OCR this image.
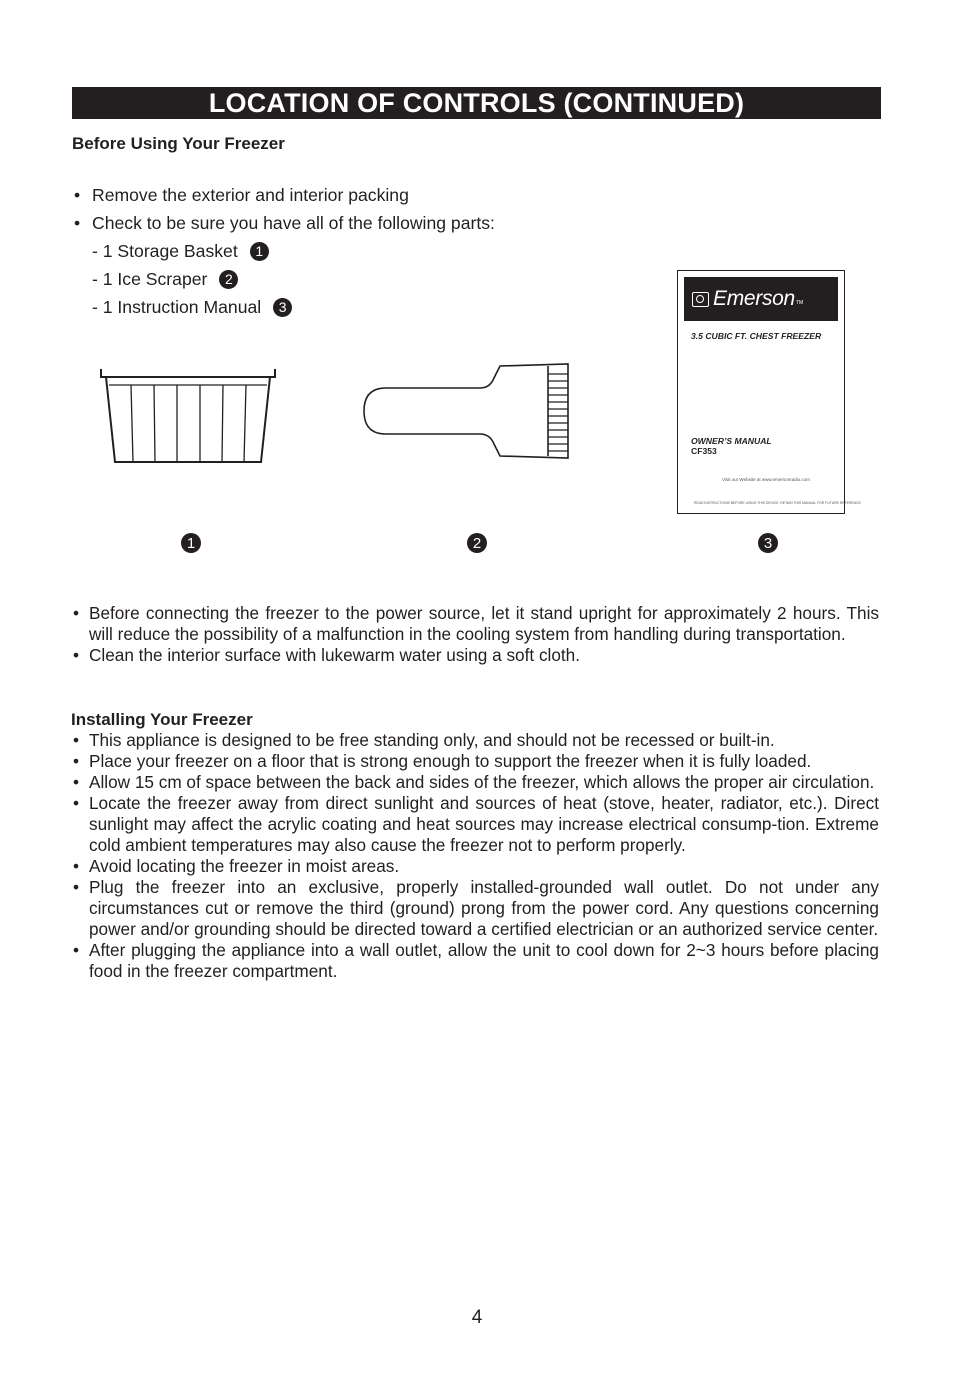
LOCATION OF CONTROLS (CONTINUED)
Before Using Your Freezer
• Remove the exterior and interior packing
• Check to be sure you have all of the following parts:
- 1 Storage Basket	1
- 1 Ice Scraper	2
- 1 Instruction Manual	3	Emerson TM
3.5 CUBIC FT. CHEST FREEZER
OWNER’S MANUAL
CF353
Visit our Website at www.emersonradio.com
READ INSTRUCTIONS BEFORE USING THIS DEVICE. RETAIN THIS MANUAL FOR FUTURE REFERENCE.
1	2	3
• Before connecting the freezer to the power source, let it stand upright for approximately 2 hours. This will reduce the possibility of a malfunction in the cooling system from handling during transportation.
• Clean the interior surface with lukewarm water using a soft cloth.
Installing Your Freezer
• This appliance is designed to be free standing only, and should not be recessed or built-in.
• Place your freezer on a floor that is strong enough to support the freezer when it is fully loaded.
• Allow 15 cm of space between the back and sides of the freezer, which allows the proper air circulation.
• Locate the freezer away from direct sunlight and sources of heat (stove, heater, radiator, etc.). Direct sunlight may affect the acrylic coating and heat sources may increase electrical consump-tion. Extreme cold ambient temperatures may also cause the freezer not to perform properly.
• Avoid locating the freezer in moist areas.
• Plug the freezer into an exclusive, properly installed-grounded wall outlet. Do not under any circumstances cut or remove the third (ground) prong from the power cord. Any questions concerning power and/or grounding should be directed toward a certified electrician or an authorized service center.
• After plugging the appliance into a wall outlet, allow the unit to cool down for 2~3 hours before placing food in the freezer compartment.
4
